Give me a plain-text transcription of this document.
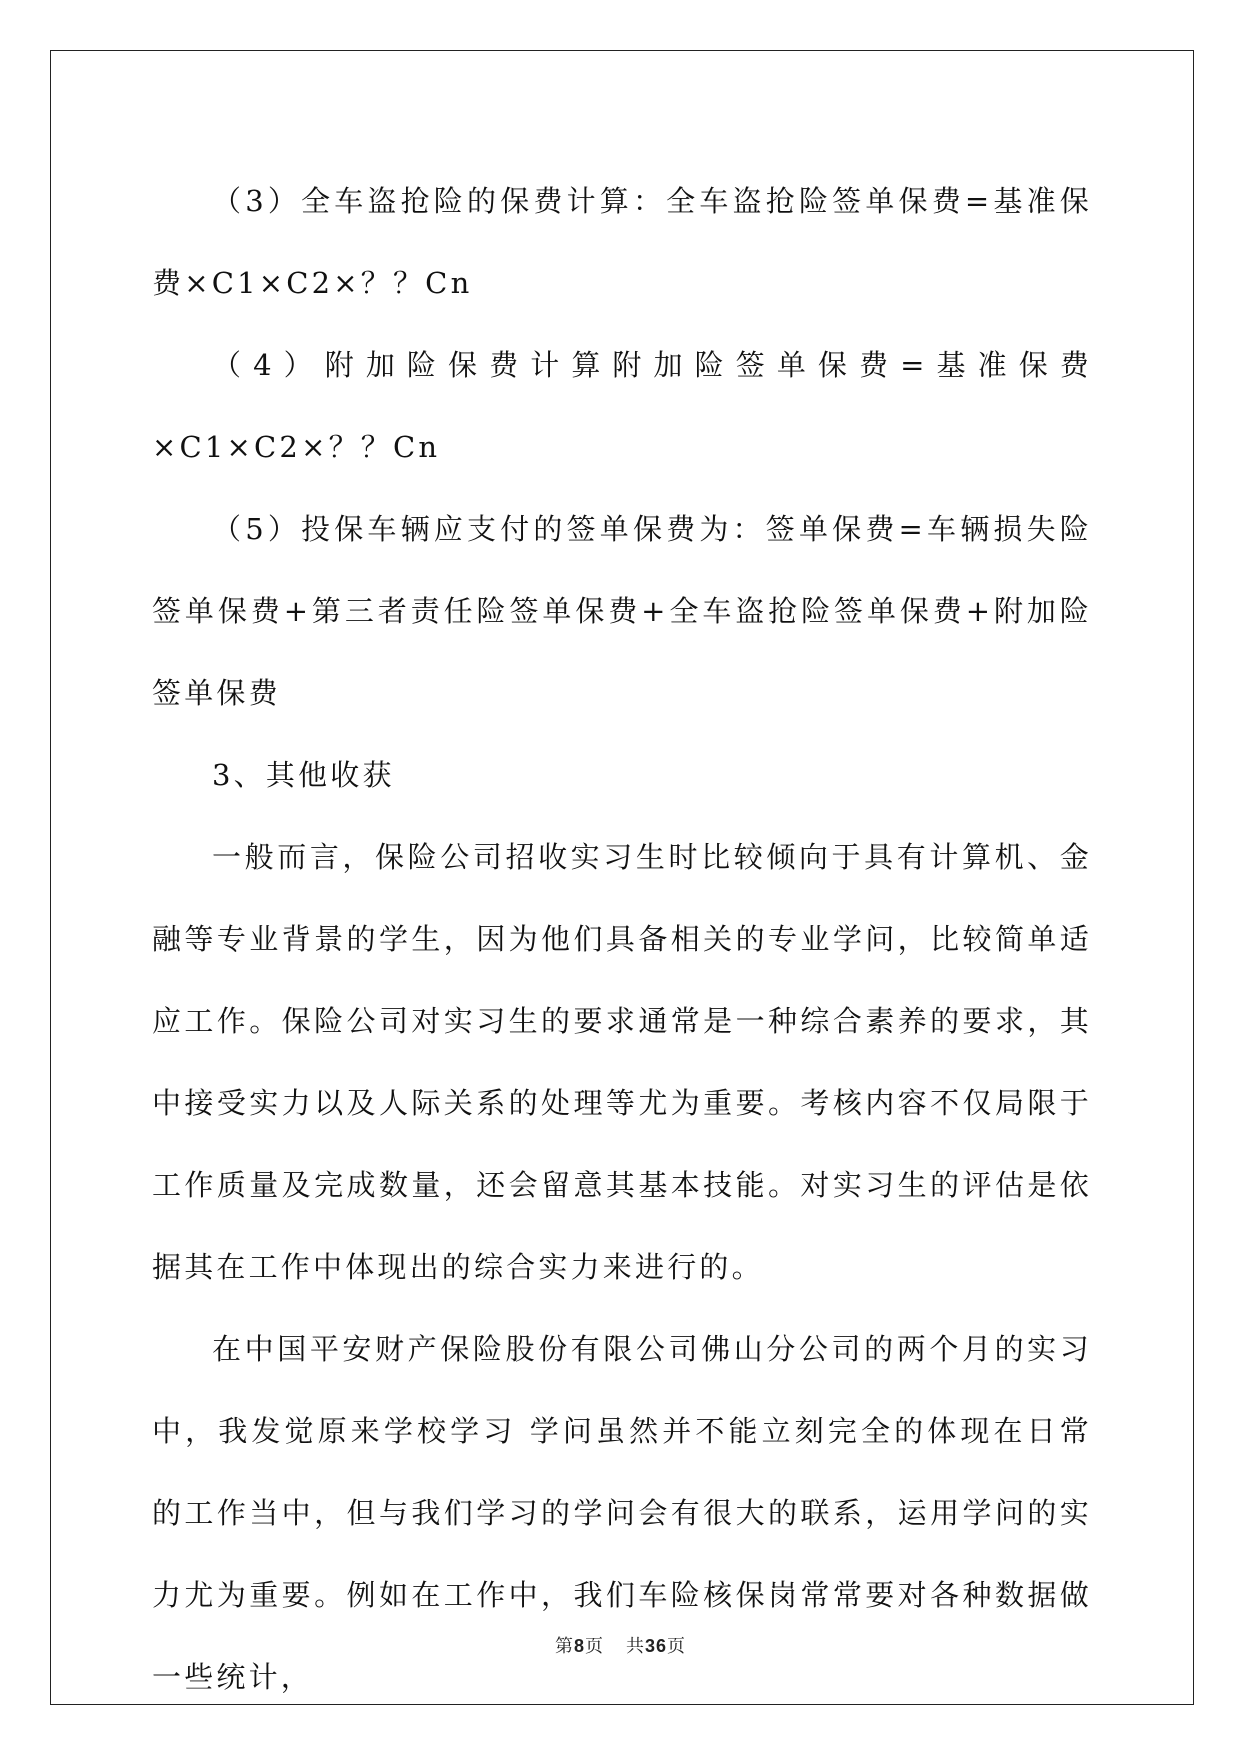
（3）全车盗抢险的保费计算：全车盗抢险签单保费=基准保费×C1×C2×？？Cn

（4）附加险保费计算附加险签单保费=基准保费×C1×C2×？？Cn

（5）投保车辆应支付的签单保费为：签单保费=车辆损失险签单保费+第三者责任险签单保费+全车盗抢险签单保费+附加险签单保费

3、其他收获

一般而言，保险公司招收实习生时比较倾向于具有计算机、金融等专业背景的学生，因为他们具备相关的专业学问，比较简单适应工作。保险公司对实习生的要求通常是一种综合素养的要求，其中接受实力以及人际关系的处理等尤为重要。考核内容不仅局限于工作质量及完成数量，还会留意其基本技能。对实习生的评估是依据其在工作中体现出的综合实力来进行的。

在中国平安财产保险股份有限公司佛山分公司的两个月的实习中，我发觉原来学校学习 学问虽然并不能立刻完全的体现在日常的工作当中，但与我们学习的学问会有很大的联系，运用学问的实力尤为重要。例如在工作中，我们车险核保岗常常要对各种数据做一些统计，

第8页 共36页
